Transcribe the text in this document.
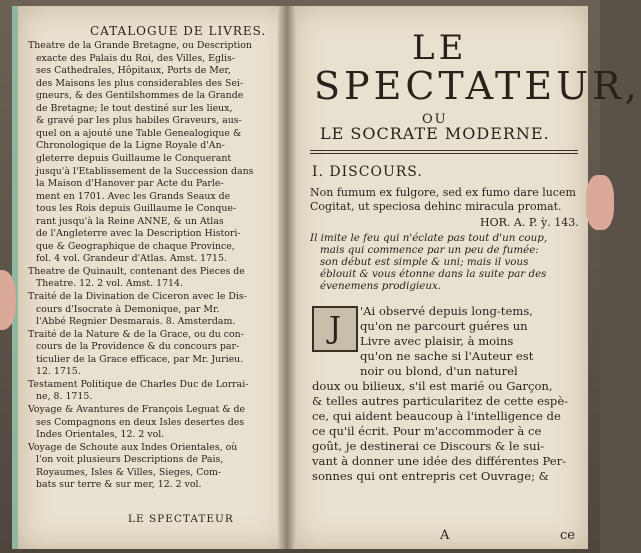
CATALOGUE DE LIVRES.
Theatre de la Grande Bretagne, ou Description
exacte des Palais du Roi, des Villes, Eglis-
ses Cathedrales, Hôpitaux, Ports de Mer,
des Maisons les plus considerables des Sei-
gneurs, & des Gentilshommes de la Grande
de Bretagne; le tout destiné sur les lieux,
& gravé par les plus habiles Graveurs, aus-
quel on a ajouté une Table Genealogique &
Chronologique de la Ligne Royale d'An-
gleterre depuis Guillaume le Conquerant
jusqu'à l'Etablissement de la Succession dans
la Maison d'Hanover par Acte du Parle-
ment en 1701. Avec les Grands Seaux de
tous les Rois depuis Guillaume le Conque-
rant jusqu'à la Reine ANNE, & un Atlas
de l'Angleterre avec la Description Histori-
que & Geographique de chaque Province,
fol. 4 vol. Grandeur d'Atlas. Amst. 1715.
Theatre de Quinault, contenant des Pieces de
Theatre. 12. 2 vol. Amst. 1714.
Traité de la Divination de Ciceron avec le Dis-
cours d'Isocrate à Demonique, par Mr.
l'Abbé Regnier Desmarais. 8. Amsterdam.
Traité de la Nature & de la Grace, ou du con-
cours de la Providence & du concours par-
ticulier de la Grace efficace, par Mr. Jurieu.
12. 1715.
Testament Politique de Charles Duc de Lorrai-
ne, 8. 1715.
Voyage & Avantures de François Leguat & de
ses Compagnons en deux Isles desertes des
Indes Orientales, 12. 2 vol.
Voyage de Schoute aux Indes Orientales, où
l'on voit plusieurs Descriptions de Pais,
Royaumes, Isles & Villes, Sieges, Com-
bats sur terre & sur mer, 12. 2 vol.
LE SPECTATEUR
LE
SPECTATEUR,
OU
LE SOCRATE MODERNE.
I. DISCOURS.
Non fumum ex fulgore, sed ex fumo dare lucem
Cogitat, ut speciosa dehinc miracula promat.
HOR. A. P. ỳ. 143.
Il imite le feu qui n'éclate pas tout d'un coup,
mais qui commence par un peu de fumée:
son début est simple & uni; mais il vous
éblouit & vous étonne dans la suite par des
évenemens prodigieux.
J	'Ai observé depuis long-tems,
qu'on ne parcourt guéres un
Livre avec plaisir, à moins
qu'on ne sache si l'Auteur est
noir ou blond, d'un naturel
doux ou bilieux, s'il est marié ou Garçon,
& telles autres particularitez de cette espè-
ce, qui aident beaucoup à l'intelligence de
ce qu'il écrit. Pour m'accommoder à ce
goût, je destinerai ce Discours & le sui-
vant à donner une idée des différentes Per-
sonnes qui ont entrepris cet Ouvrage; &
A	ce
